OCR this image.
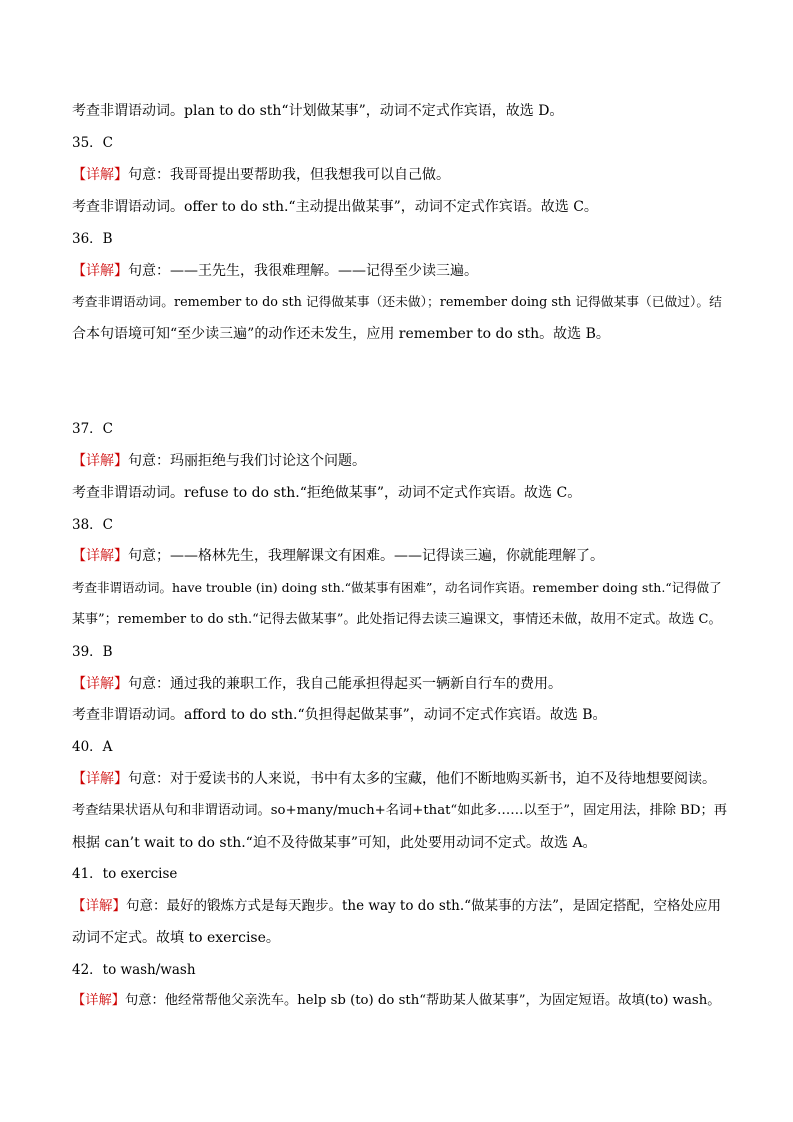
考查非谓语动词。plan to do sth“计划做某事”，动词不定式作宾语，故选 D。
35．C
【详解】句意：我哥哥提出要帮助我，但我想我可以自己做。
考查非谓语动词。offer to do sth.“主动提出做某事”，动词不定式作宾语。故选 C。
36．B
【详解】句意：——王先生，我很难理解。——记得至少读三遍。
考查非谓语动词。remember to do sth 记得做某事（还未做）；remember doing sth 记得做某事（已做过）。结
合本句语境可知“至少读三遍”的动作还未发生，应用 remember to do sth。故选 B。
37．C
【详解】句意：玛丽拒绝与我们讨论这个问题。
考查非谓语动词。refuse to do sth.“拒绝做某事”，动词不定式作宾语。故选 C。
38．C
【详解】句意；——格林先生，我理解课文有困难。——记得读三遍，你就能理解了。
考查非谓语动词。have trouble (in) doing sth.“做某事有困难”，动名词作宾语。remember doing sth.“记得做了
某事”；remember to do sth.“记得去做某事”。此处指记得去读三遍课文，事情还未做，故用不定式。故选 C。
39．B
【详解】句意：通过我的兼职工作，我自己能承担得起买一辆新自行车的费用。
考查非谓语动词。afford to do sth.“负担得起做某事”，动词不定式作宾语。故选 B。
40．A
【详解】句意：对于爱读书的人来说，书中有太多的宝藏，他们不断地购买新书，迫不及待地想要阅读。
考查结果状语从句和非谓语动词。so+many/much+名词+that“如此多……以至于”，固定用法，排除 BD；再
根据 can’t wait to do sth.“迫不及待做某事”可知，此处要用动词不定式。故选 A。
41．to exercise
【详解】句意：最好的锻炼方式是每天跑步。the way to do sth.“做某事的方法”，是固定搭配，空格处应用
动词不定式。故填 to exercise。
42．to wash/wash
【详解】句意：他经常帮他父亲洗车。help sb (to) do sth“帮助某人做某事”，为固定短语。故填(to) wash。
